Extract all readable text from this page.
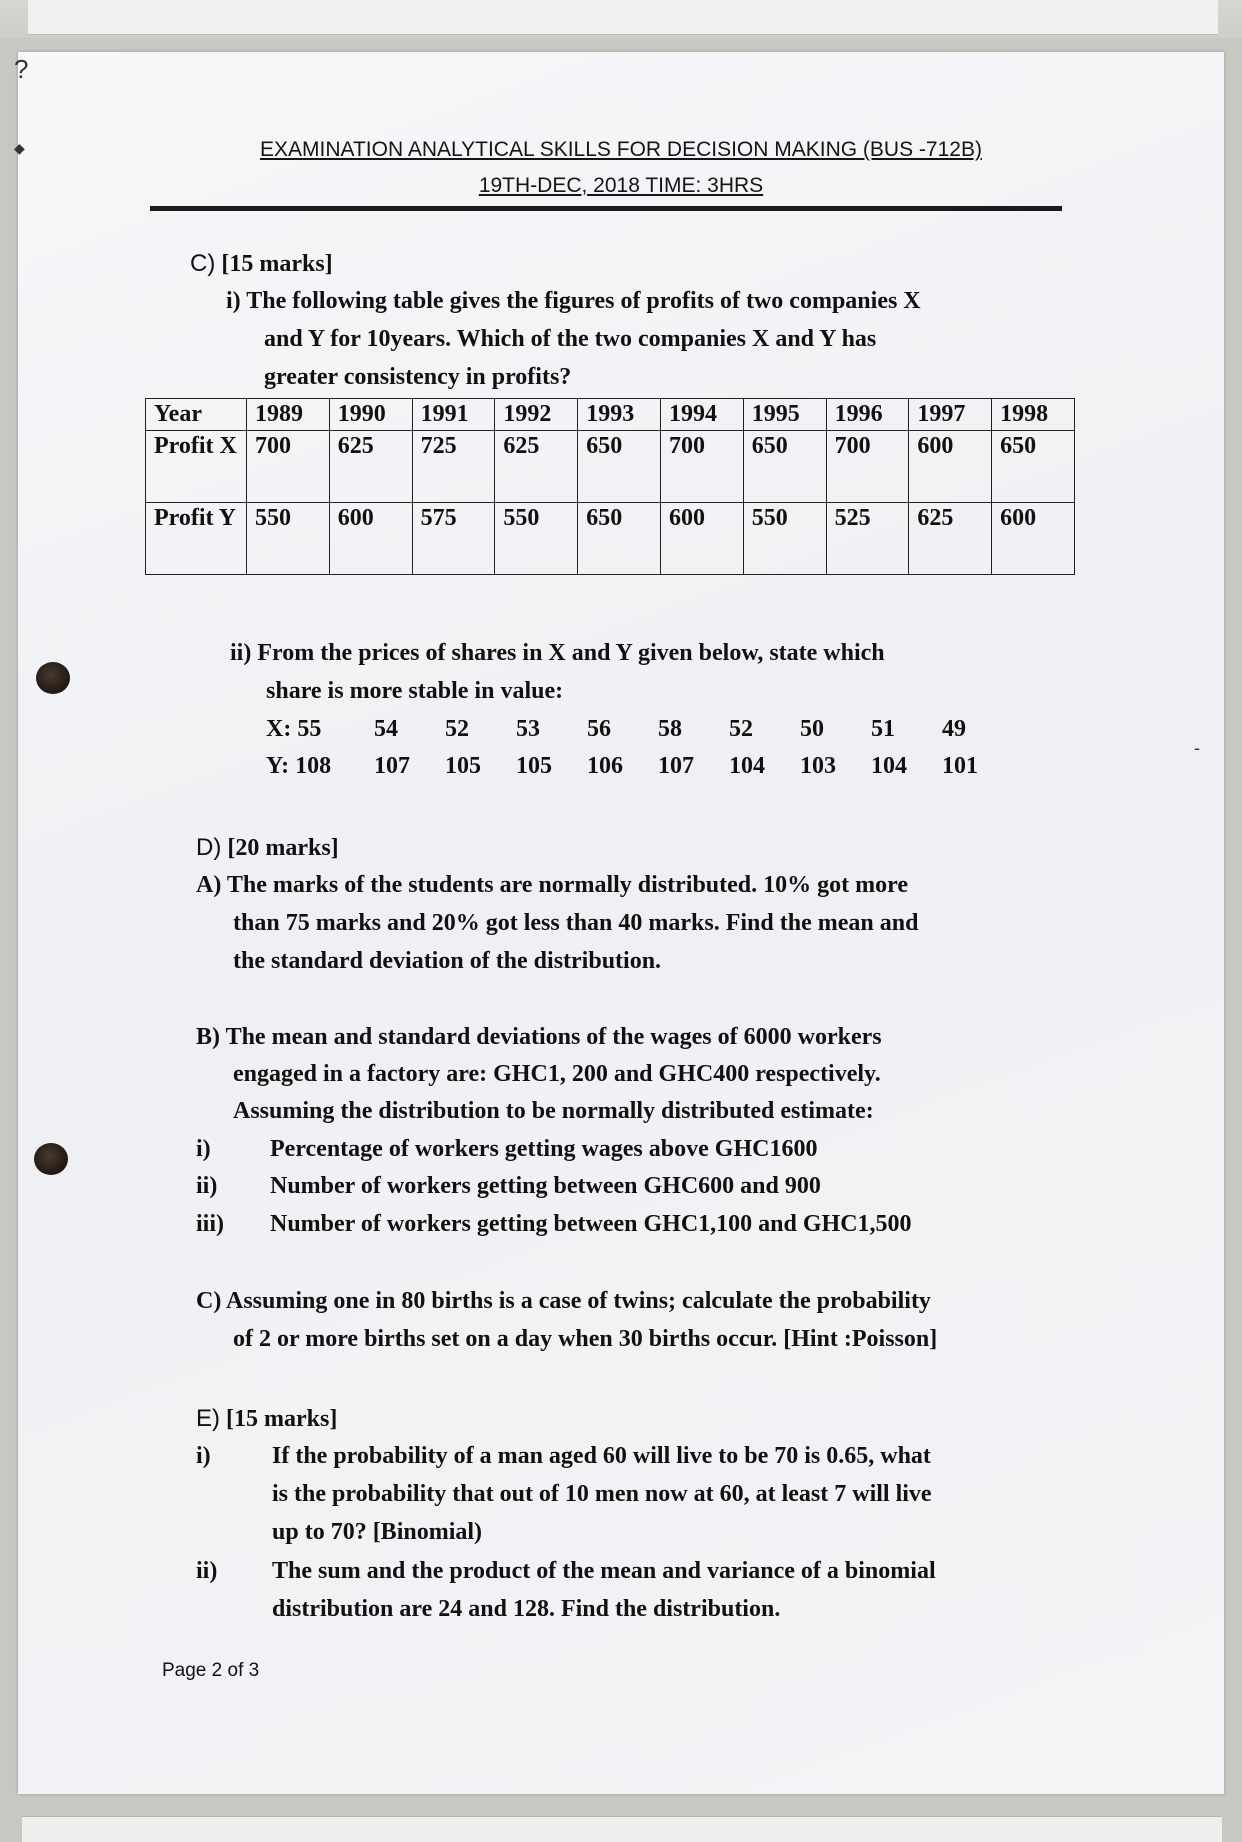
?
◆	EXAMINATION ANALYTICAL SKILLS FOR DECISION MAKING (BUS -712B)
19TH-DEC, 2018 TIME: 3HRS
C) [15 marks]
i) The following table gives the figures of profits of two companies X
and Y for 10years. Which of the two companies X and Y has
greater consistency in profits?
Year	1989	1990	1991	1992	1993	1994	1995	1996	1997	1998
Profit X	700	625	725	625	650	700	650	700	600	650
Profit Y	550	600	575	550	650	600	550	525	625	600
ii) From the prices of shares in X and Y given below, state which
share is more stable in value:
X: 55 54 52 53 56 58 52 50 51 49
Y: 108 107 105 105 106 107 104 103 104 101
D) [20 marks]
A) The marks of the students are normally distributed. 10% got more
than 75 marks and 20% got less than 40 marks. Find the mean and
the standard deviation of the distribution.
B) The mean and standard deviations of the wages of 6000 workers
engaged in a factory are: GHC1, 200 and GHC400 respectively.
Assuming the distribution to be normally distributed estimate:
i) Percentage of workers getting wages above GHC1600
ii) Number of workers getting between GHC600 and 900
iii) Number of workers getting between GHC1,100 and GHC1,500
C) Assuming one in 80 births is a case of twins; calculate the probability
of 2 or more births set on a day when 30 births occur. [Hint :Poisson]
E) [15 marks]
i)	If the probability of a man aged 60 will live to be 70 is 0.65, what
is the probability that out of 10 men now at 60, at least 7 will live
up to 70? [Binomial)
ii) The sum and the product of the mean and variance of a binomial
distribution are 24 and 128. Find the distribution.
Page 2 of 3
-
